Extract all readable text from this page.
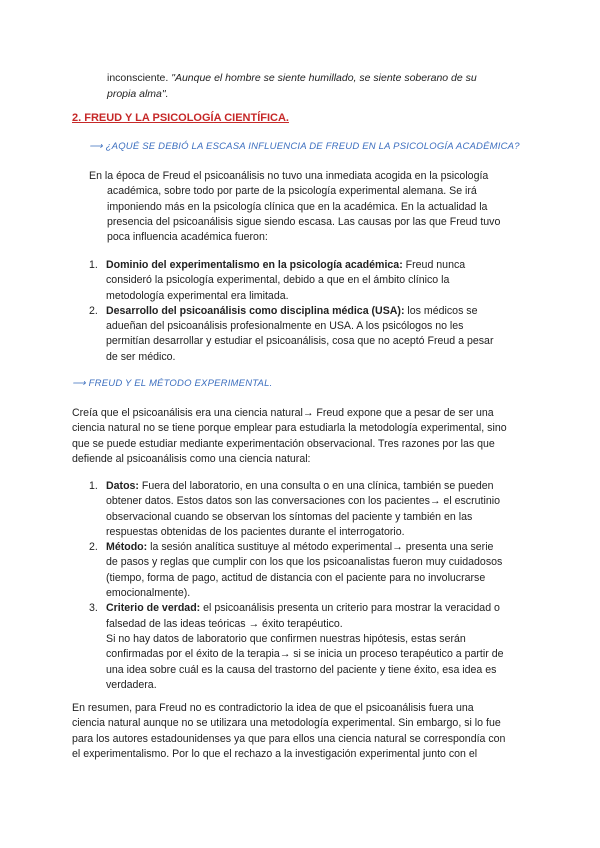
inconsciente. "Aunque el hombre se siente humillado, se siente soberano de su
propia alma".
2. FREUD Y LA PSICOLOGÍA CIENTÍFICA.
⟶ ¿AQUÉ SE DEBIÓ LA ESCASA INFLUENCIA DE FREUD EN LA PSICOLOGÍA ACADÉMICA?
En la época de Freud el psicoanálisis no tuvo una inmediata acogida en la psicología
académica, sobre todo por parte de la psicología experimental alemana. Se irá
imponiendo más en la psicología clínica que en la académica. En la actualidad la
presencia del psicoanálisis sigue siendo escasa. Las causas por las que Freud tuvo
poca influencia académica fueron:
1. Dominio del experimentalismo en la psicología académica: Freud nunca
consideró la psicología experimental, debido a que en el ámbito clínico la
metodología experimental era limitada.
2. Desarrollo del psicoanálisis como disciplina médica (USA): los médicos se
adueñan del psicoanálisis profesionalmente en USA. A los psicólogos no les
permitían desarrollar y estudiar el psicoanálisis, cosa que no aceptó Freud a pesar
de ser médico.
⟶ FREUD Y EL MÉTODO EXPERIMENTAL.
Creía que el psicoanálisis era una ciencia natural→ Freud expone que a pesar de ser una
ciencia natural no se tiene porque emplear para estudiarla la metodología experimental, sino
que se puede estudiar mediante experimentación observacional. Tres razones por las que
defiende al psicoanálisis como una ciencia natural:
1. Datos: Fuera del laboratorio, en una consulta o en una clínica, también se pueden
obtener datos. Estos datos son las conversaciones con los pacientes→ el escrutinio
observacional cuando se observan los síntomas del paciente y también en las
respuestas obtenidas de los pacientes durante el interrogatorio.
2. Método: la sesión analítica sustituye al método experimental→ presenta una serie
de pasos y reglas que cumplir con los que los psicoanalistas fueron muy cuidadosos
(tiempo, forma de pago, actitud de distancia con el paciente para no involucrarse
emocionalmente).
3. Criterio de verdad: el psicoanálisis presenta un criterio para mostrar la veracidad o
falsedad de las ideas teóricas → éxito terapéutico.
Si no hay datos de laboratorio que confirmen nuestras hipótesis, estas serán
confirmadas por el éxito de la terapia→ si se inicia un proceso terapéutico a partir de
una idea sobre cuál es la causa del trastorno del paciente y tiene éxito, esa idea es
verdadera.
En resumen, para Freud no es contradictorio la idea de que el psicoanálisis fuera una
ciencia natural aunque no se utilizara una metodología experimental. Sin embargo, si lo fue
para los autores estadounidenses ya que para ellos una ciencia natural se correspondía con
el experimentalismo. Por lo que el rechazo a la investigación experimental junto con el
